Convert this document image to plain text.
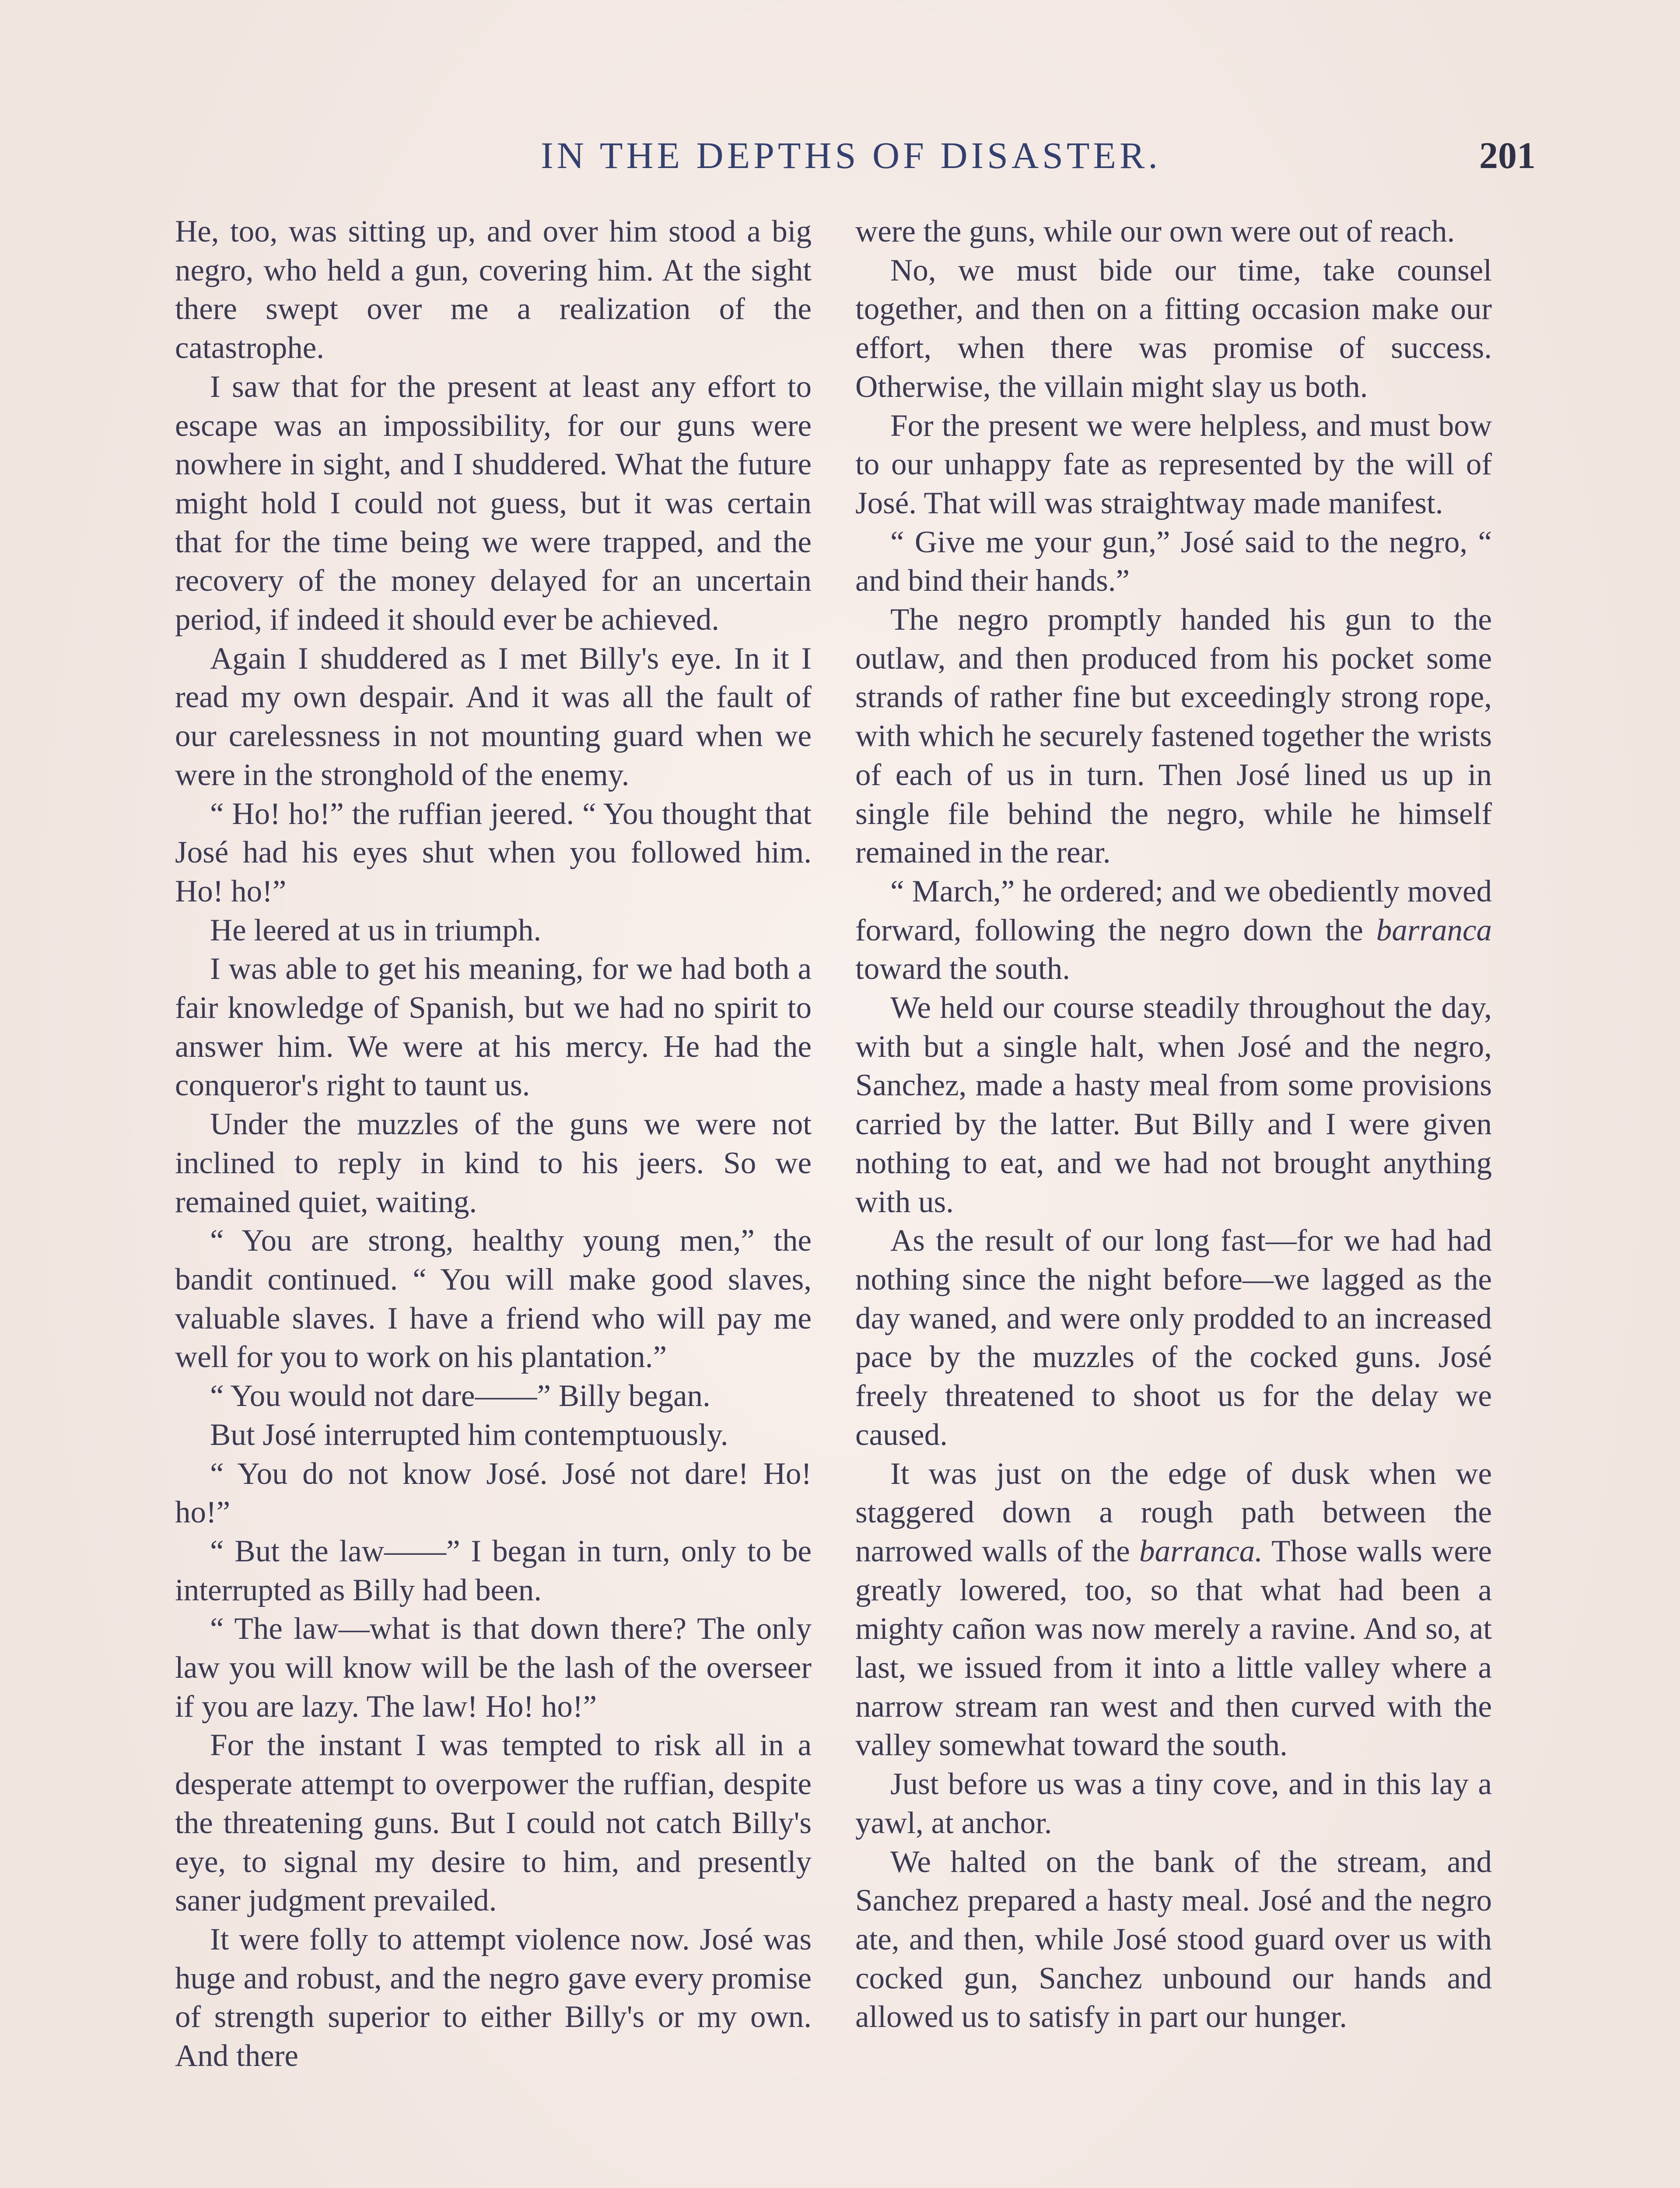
IN THE DEPTHS OF DISASTER.	201

He, too, was sitting up, and over him stood a big negro, who held a gun, covering him. At the sight there swept over me a realization of the catastrophe.

I saw that for the present at least any effort to escape was an impossibility, for our guns were nowhere in sight, and I shuddered. What the future might hold I could not guess, but it was certain that for the time being we were trapped, and the recovery of the money delayed for an uncertain period, if indeed it should ever be achieved.

Again I shuddered as I met Billy's eye. In it I read my own despair. And it was all the fault of our carelessness in not mounting guard when we were in the stronghold of the enemy.

“ Ho! ho!” the ruffian jeered. “ You thought that José had his eyes shut when you followed him. Ho! ho!”

He leered at us in triumph.

I was able to get his meaning, for we had both a fair knowledge of Spanish, but we had no spirit to answer him. We were at his mercy. He had the conqueror's right to taunt us.

Under the muzzles of the guns we were not inclined to reply in kind to his jeers. So we remained quiet, waiting.

“ You are strong, healthy young men,” the bandit continued. “ You will make good slaves, valuable slaves. I have a friend who will pay me well for you to work on his plantation.”

“ You would not dare——” Billy began.

But José interrupted him contemptuously.

“ You do not know José. José not dare! Ho! ho!”

“ But the law——” I began in turn, only to be interrupted as Billy had been.

“ The law—what is that down there? The only law you will know will be the lash of the overseer if you are lazy. The law! Ho! ho!”

For the instant I was tempted to risk all in a desperate attempt to overpower the ruffian, despite the threatening guns. But I could not catch Billy's eye, to signal my desire to him, and presently saner judgment prevailed.

It were folly to attempt violence now. José was huge and robust, and the negro gave every promise of strength superior to either Billy's or my own. And there

were the guns, while our own were out of reach.

No, we must bide our time, take counsel together, and then on a fitting occasion make our effort, when there was promise of success. Otherwise, the villain might slay us both.

For the present we were helpless, and must bow to our unhappy fate as represented by the will of José. That will was straightway made manifest.

“ Give me your gun,” José said to the negro, “ and bind their hands.”

The negro promptly handed his gun to the outlaw, and then produced from his pocket some strands of rather fine but exceedingly strong rope, with which he securely fastened together the wrists of each of us in turn. Then José lined us up in single file behind the negro, while he himself remained in the rear.

“ March,” he ordered; and we obediently moved forward, following the negro down the barranca toward the south.

We held our course steadily throughout the day, with but a single halt, when José and the negro, Sanchez, made a hasty meal from some provisions carried by the latter. But Billy and I were given nothing to eat, and we had not brought anything with us.

As the result of our long fast—for we had had nothing since the night before—we lagged as the day waned, and were only prodded to an increased pace by the muzzles of the cocked guns. José freely threatened to shoot us for the delay we caused.

It was just on the edge of dusk when we staggered down a rough path between the narrowed walls of the barranca. Those walls were greatly lowered, too, so that what had been a mighty cañon was now merely a ravine. And so, at last, we issued from it into a little valley where a narrow stream ran west and then curved with the valley somewhat toward the south.

Just before us was a tiny cove, and in this lay a yawl, at anchor.

We halted on the bank of the stream, and Sanchez prepared a hasty meal. José and the negro ate, and then, while José stood guard over us with cocked gun, Sanchez unbound our hands and allowed us to satisfy in part our hunger.
